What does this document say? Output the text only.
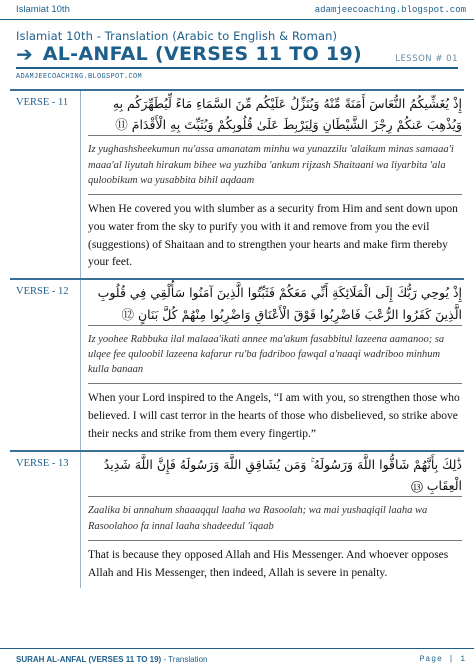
Islamiat 10th	adamjeecoaching.blogspot.com
Islamiat 10th - Translation (Arabic to English & Roman)
➔ AL-ANFAL (VERSES 11 TO 19)	LESSON # 01
ADAMJEECOACHING.BLOGSPOT.COM
VERSE - 11	إِذْ يُغَشِّيكُمُ النُّعَاسَ أَمَنَةً مِّنْهُ وَيُنَزِّلُ عَلَيْكُم مِّنَ السَّمَاءِ مَاءً لِّيُطَهِّرَكُم بِهِ وَيُذْهِبَ عَنكُمْ رِجْزَ الشَّيْطَانِ وَلِيَرْبِطَ عَلَىٰ قُلُوبِكُمْ وَيُثَبِّتَ بِهِ الْأَقْدَامَ ⑪
Iz yughashsheekumun nu'assa amanatam minhu wa yunazzilu 'alaikum minas samaaa'i maaa'al liyutah hirakum bihee wa yuzhiba 'ankum rijzash Shaitaani wa liyarbita 'ala quloobikum wa yusabbita bihil aqdaam
When He covered you with slumber as a security from Him and sent down upon you water from the sky to purify you with it and remove from you the evil (suggestions) of Shaitaan and to strengthen your hearts and make firm thereby your feet.
VERSE - 12	إِذْ يُوحِي رَبُّكَ إِلَى الْمَلَائِكَةِ أَنِّي مَعَكُمْ فَثَبِّتُوا الَّذِينَ آمَنُوا سَأُلْقِي فِي قُلُوبِ الَّذِينَ كَفَرُوا الرُّعْبَ فَاضْرِبُوا فَوْقَ الْأَعْنَاقِ وَاضْرِبُوا مِنْهُمْ كُلَّ بَنَانٍ ⑫
Iz yoohee Rabbuka ilal malaaa'ikati annee ma'akum fasabbitul lazeena aamanoo; sa ulqee fee quloobil lazeena kafarur ru'ba fadriboo fawqal a'naaqi wadriboo minhum kulla banaan
When your Lord inspired to the Angels, “I am with you, so strengthen those who believed. I will cast terror in the hearts of those who disbelieved, so strike above their necks and strike from them every fingertip.”
VERSE - 13	ذَٰلِكَ بِأَنَّهُمْ شَاقُّوا اللَّهَ وَرَسُولَهُ ۚ وَمَن يُشَاقِقِ اللَّهَ وَرَسُولَهُ فَإِنَّ اللَّهَ شَدِيدُ الْعِقَابِ ⑬
Zaalika bi annahum shaaaqqul laaha wa Rasoolah; wa mai yushaqiqil laaha wa Rasoolahoo fa innal laaha shadeedul 'iqaab
That is because they opposed Allah and His Messenger. And whoever opposes Allah and His Messenger, then indeed, Allah is severe in penalty.
SURAH AL-ANFAL (VERSES 11 TO 19) - Translation	Page | 1
